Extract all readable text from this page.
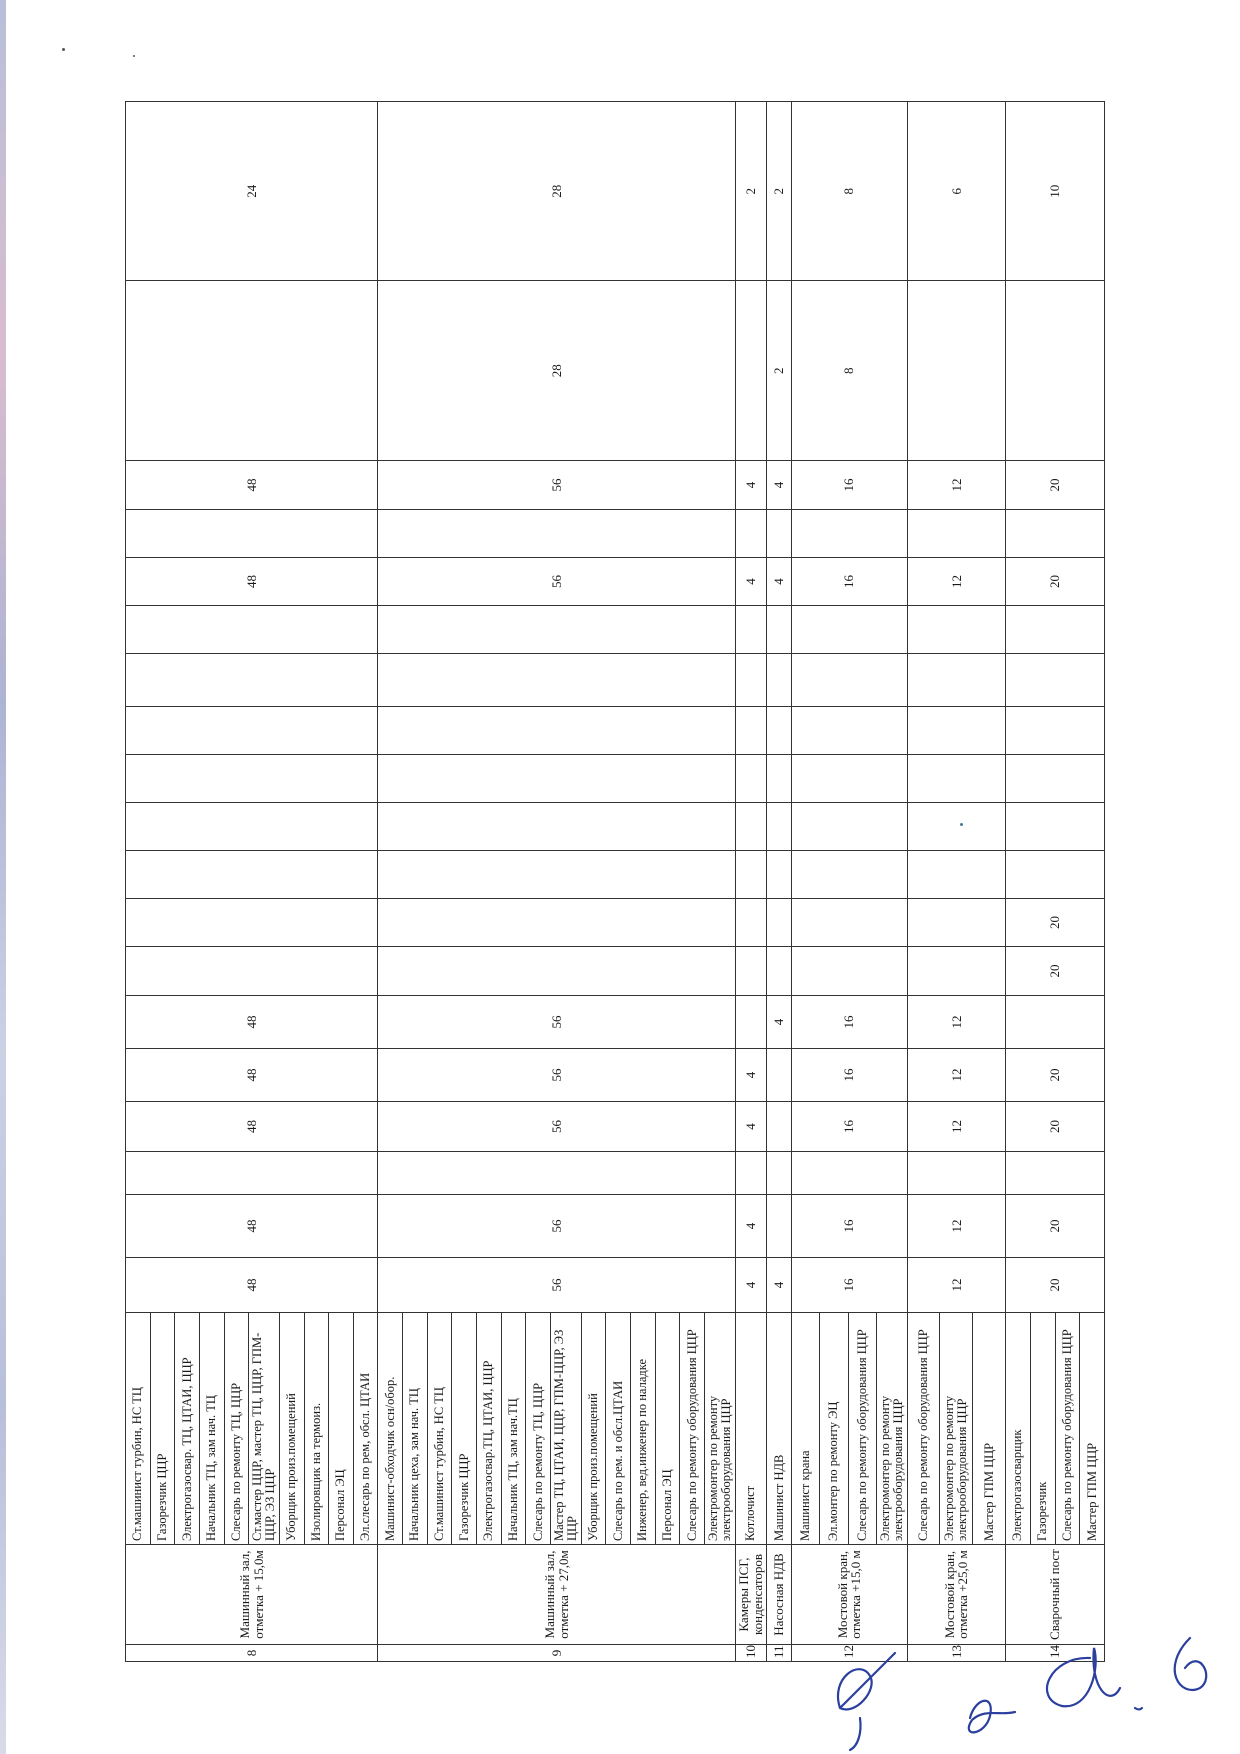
8	Машинный зал, отметка + 15,0м	Ст.машинист турбин, НС ТЦ	48	48		48	48	48									48		48		24
		Газорезчик ЦЦР																			
		Электрогазосвар. ТЦ, ЦТАИ, ЦЦР																			
		Начальник ТЦ, зам нач. ТЦ																			
		Слесарь по ремонту ТЦ, ЦЦР																			
		Ст.мастер ЦЦР, мастер ТЦ, ЦЦР, ГПМ-ЦЦР, ЭЗ ЦЦР																			
		Уборщик произ.помещений																			
		Изолировщик на термоиз.																			
		Персонал ЭЦ																			
		Эл.слесарь по рем, обсл. ЦТАИ																			
9	Машинный зал, отметка + 27,0м	Машинист-обходчик осн/обор.	56	56		56	56	56									56		56	28	28
		Начальник цеха, зам нач. ТЦ																			
		Ст.машинист турбин, НС ТЦ																			
		Газорезчик ЦЦР																			
		Электрогазосвар.ТЦ, ЦТАИ, ЦЦР																			
		Начальник ТЦ, зам нач.ТЦ																			
		Слесарь по ремонту ТЦ, ЦЦР																			
		Мастер ТЦ, ЦТАИ, ЦЦР, ГПМ-ЦЦР, ЭЗ ЦЦР																			
		Уборщик произ.помещений																			
		Слесарь по рем. и обсл.ЦТАИ																			
		Инженер, вед.инженер по наладке																			
		Персонал ЭЦ																			
		Слесарь по ремонту оборудования ЦЦР																			
		Электромонтер по ремонту электрооборудования ЦЦР																			
10	Камеры ПСГ, конденсаторов	Котлочист	4	4		4	4										4		4		2
11	Насосная НДВ	Машинист НДВ	4					4									4		4	2	2
12	Мостовой кран, отметка +15,0 м	Машинист крана	16	16		16	16	16									16		16	8	8
		Эл.монтер по ремонту ЭЦ																			
		Слесарь по ремонту оборудования ЦЦР																			
		Электромонтер по ремонту электрооборудования ЦЦР																			
13	Мостовой кран, отметка +25,0 м	Слесарь по ремонту оборудования ЦЦР	12	12		12	12	12									12		12		6
		Электромонтер по ремонту электрооборудования ЦЦР																			
		Мастер ГПМ ЦЦР																			
14	Сварочный пост	Электрогазосварщик	20	20		20	20		20	20							20		20		10
		Газорезчик																			
		Слесарь по ремонту оборудования ЦЦР																			
		Мастер ГПМ ЦЦР																			
